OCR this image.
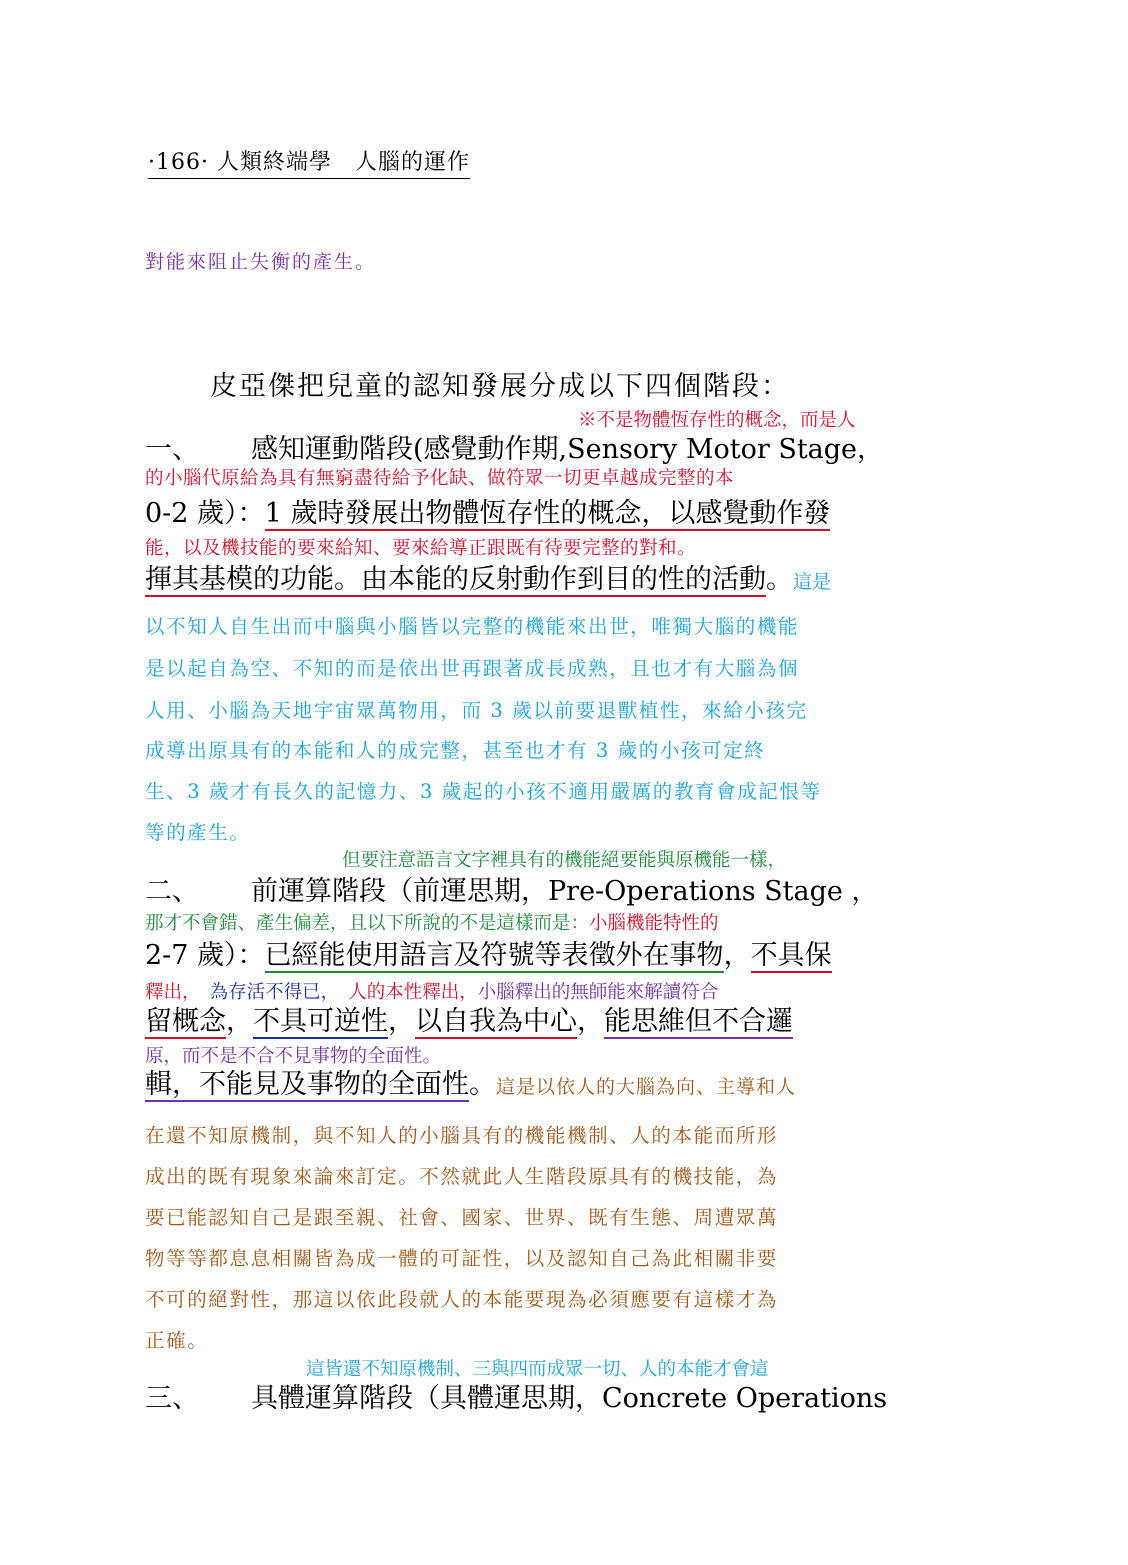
·166· 人類終端學　人腦的運作
對能來阻止失衡的產生。
皮亞傑把兒童的認知發展分成以下四個階段：
※不是物體恆存性的概念，而是人
一、 感知運動階段(感覺動作期,Sensory Motor Stage，
的小腦代原給為具有無窮盡待給予化缺、做符眾一切更卓越成完整的本
0-2 歲）：1 歲時發展出物體恆存性的概念，以感覺動作發
能，以及機技能的要來給知、要來給導正跟既有待要完整的對和。
揮其基模的功能。由本能的反射動作到目的性的活動。這是
以不知人自生出而中腦與小腦皆以完整的機能來出世，唯獨大腦的機能
是以起自為空、不知的而是依出世再跟著成長成熟，且也才有大腦為個
人用、小腦為天地宇宙眾萬物用，而 3 歲以前要退獸植性，來給小孩完
成導出原具有的本能和人的成完整，甚至也才有 3 歲的小孩可定終
生、3 歲才有長久的記憶力、3 歲起的小孩不適用嚴厲的教育會成記恨等
等的產生。
但要注意語言文字裡具有的機能絕要能與原機能一樣，
二、 前運算階段（前運思期，Pre-Operations Stage ，
那才不會錯、產生偏差，且以下所說的不是這樣而是：小腦機能特性的
2-7 歲）：已經能使用語言及符號等表徵外在事物，不具保
釋出， 為存活不得已， 人的本性釋出，小腦釋出的無師能來解讀符合
留概念，不具可逆性，以自我為中心，能思維但不合邏
原，而不是不合不見事物的全面性。
輯，不能見及事物的全面性。這是以依人的大腦為向、主導和人
在還不知原機制，與不知人的小腦具有的機能機制、人的本能而所形
成出的既有現象來論來訂定。不然就此人生階段原具有的機技能，為
要已能認知自己是跟至親、社會、國家、世界、既有生態、周遭眾萬
物等等都息息相關皆為成一體的可証性，以及認知自己為此相關非要
不可的絕對性，那這以依此段就人的本能要現為必須應要有這樣才為
正確。
這皆還不知原機制、三與四而成眾一切、人的本能才會這
三、 具體運算階段（具體運思期，Concrete Operations
